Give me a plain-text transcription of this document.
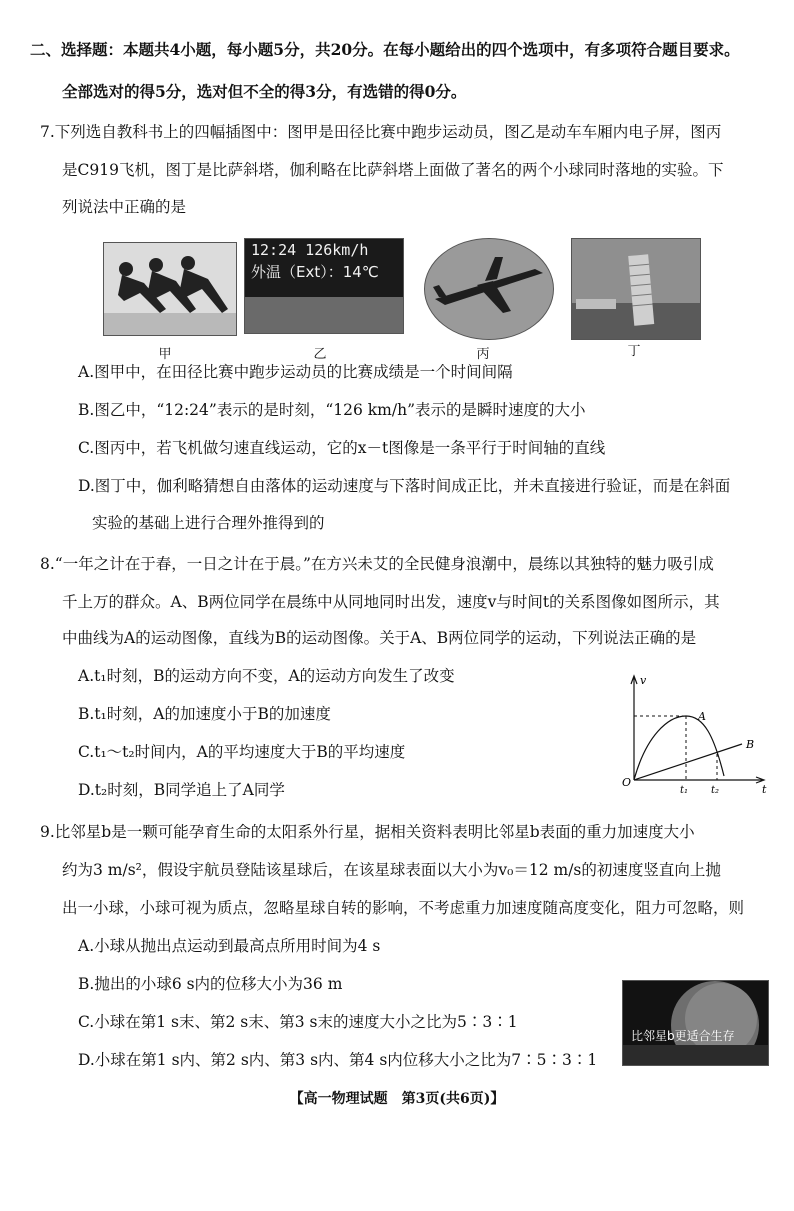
二、选择题：本题共4小题，每小题5分，共20分。在每小题给出的四个选项中，有多项符合题目要求。
全部选对的得5分，选对但不全的得3分，有选错的得0分。
7.下列选自教科书上的四幅插图中：图甲是田径比赛中跑步运动员，图乙是动车车厢内电子屏，图丙
是C919飞机，图丁是比萨斜塔，伽利略在比萨斜塔上面做了著名的两个小球同时落地的实验。下
列说法中正确的是
12:24 126km/h
外温（Ext）：14℃
甲	乙	丙	丁
A.图甲中，在田径比赛中跑步运动员的比赛成绩是一个时间间隔
B.图乙中，“12:24”表示的是时刻，“126 km/h”表示的是瞬时速度的大小
C.图丙中，若飞机做匀速直线运动，它的x－t图像是一条平行于时间轴的直线
D.图丁中，伽利略猜想自由落体的运动速度与下落时间成正比，并未直接进行验证，而是在斜面
实验的基础上进行合理外推得到的
8.“一年之计在于春，一日之计在于晨。”在方兴未艾的全民健身浪潮中，晨练以其独特的魅力吸引成
千上万的群众。A、B两位同学在晨练中从同地同时出发，速度v与时间t的关系图像如图所示，其
中曲线为A的运动图像，直线为B的运动图像。关于A、B两位同学的运动，下列说法正确的是
A.t₁时刻，B的运动方向不变，A的运动方向发生了改变
B.t₁时刻，A的加速度小于B的加速度
C.t₁～t₂时间内，A的平均速度大于B的平均速度
D.t₂时刻，B同学追上了A同学
v
t
O
A
B
t₁ t₂
9.比邻星b是一颗可能孕育生命的太阳系外行星，据相关资料表明比邻星b表面的重力加速度大小
约为3 m/s²，假设宇航员登陆该星球后，在该星球表面以大小为v₀＝12 m/s的初速度竖直向上抛
出一小球，小球可视为质点，忽略星球自转的影响，不考虑重力加速度随高度变化，阻力可忽略，则
A.小球从抛出点运动到最高点所用时间为4 s
B.抛出的小球6 s内的位移大小为36 m
C.小球在第1 s末、第2 s末、第3 s末的速度大小之比为5∶3∶1
D.小球在第1 s内、第2 s内、第3 s内、第4 s内位移大小之比为7∶5∶3∶1
比邻星b更适合生存
【高一物理试题　第3页(共6页)】
